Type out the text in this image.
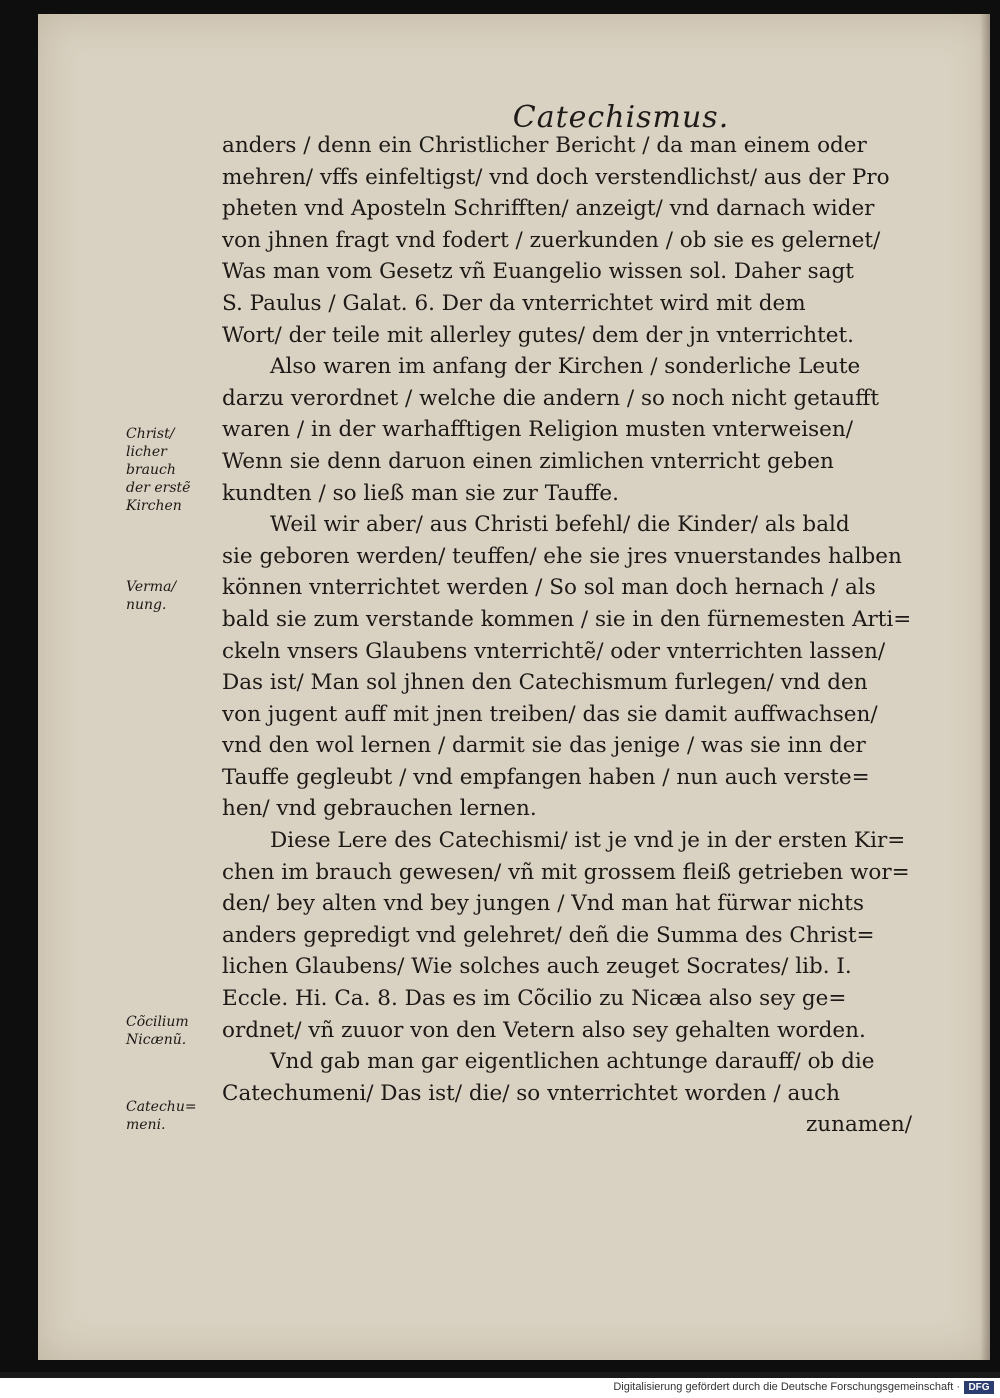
Catechismus.
anders / denn ein Christlicher Bericht / da man einem oder
mehren/ vffs einfeltigst/ vnd doch verstendlichst/ aus der Pro
pheten vnd Aposteln Schrifften/ anzeigt/ vnd darnach wider
von jhnen fragt vnd fodert / zuerkunden / ob sie es gelernet/
Was man vom Gesetz vñ Euangelio wissen sol. Daher sagt
S. Paulus / Galat. 6. Der da vnterrichtet wird mit dem
Wort/ der teile mit allerley gutes/ dem der jn vnterrichtet.
Also waren im anfang der Kirchen / sonderliche Leute
darzu verordnet / welche die andern / so noch nicht getaufft
waren / in der warhafftigen Religion musten vnterweisen/
Wenn sie denn daruon einen zimlichen vnterricht geben
kundten / so ließ man sie zur Tauffe.
Weil wir aber/ aus Christi befehl/ die Kinder/ als bald
sie geboren werden/ teuffen/ ehe sie jres vnuerstandes halben
können vnterrichtet werden / So sol man doch hernach / als
bald sie zum verstande kommen / sie in den fürnemesten Arti=
ckeln vnsers Glaubens vnterrichtẽ/ oder vnterrichten lassen/
Das ist/ Man sol jhnen den Catechismum furlegen/ vnd den
von jugent auff mit jnen treiben/ das sie damit auffwachsen/
vnd den wol lernen / darmit sie das jenige / was sie inn der
Tauffe gegleubt / vnd empfangen haben / nun auch verste=
hen/ vnd gebrauchen lernen.
Diese Lere des Catechismi/ ist je vnd je in der ersten Kir=
chen im brauch gewesen/ vñ mit grossem fleiß getrieben wor=
den/ bey alten vnd bey jungen / Vnd man hat fürwar nichts
anders gepredigt vnd gelehret/ deñ die Summa des Christ=
lichen Glaubens/ Wie solches auch zeuget Socrates/ lib. I.
Eccle. Hi. Ca. 8. Das es im Cõcilio zu Nicæa also sey ge=
ordnet/ vñ zuuor von den Vetern also sey gehalten worden.
Vnd gab man gar eigentlichen achtunge darauff/ ob die
Catechumeni/ Das ist/ die/ so vnterrichtet worden / auch
zunamen/
Christ/
licher
brauch
der erstẽ
Kirchen
Verma/
nung.
Cõcilium
Nicænũ.
Catechu=
meni.
Digitalisierung gefördert durch die Deutsche Forschungsgemeinschaft · DFG
